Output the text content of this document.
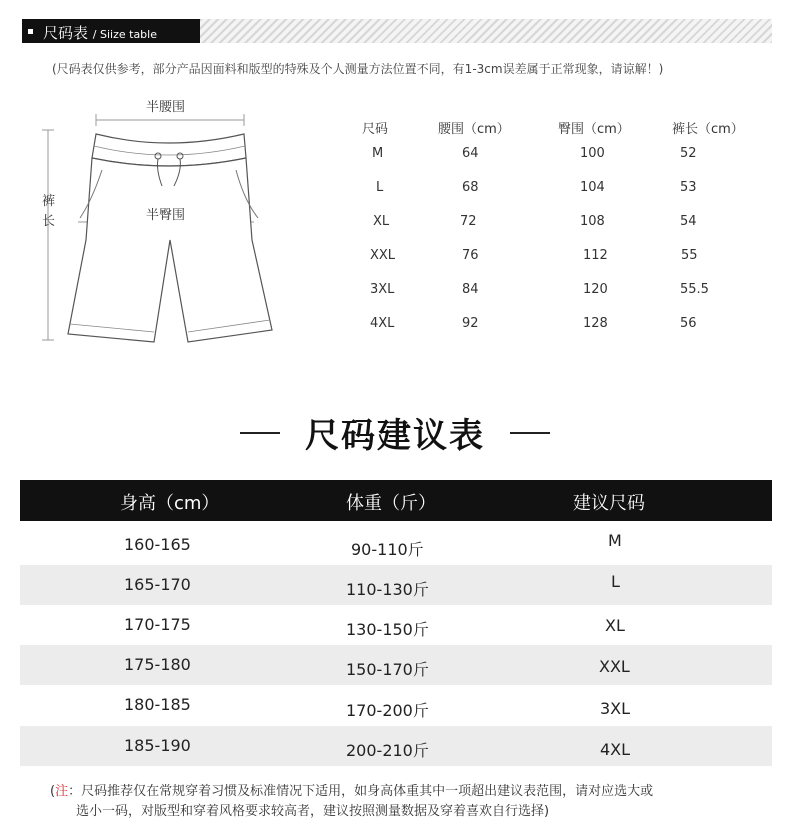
尺码表 / Siize table
(尺码表仅供参考，部分产品因面料和版型的特殊及个人测量方法位置不同，有1-3cm误差属于正常现象，请谅解！)
半腰围
半臀围
裤
长
尺码	腰围（cm）	臀围（cm）	裤长（cm）
M	64	100	52
L	68	104	53
XL	72	108	54
XXL	76	112	55
3XL	84	120	55.5
4XL	92	128	56
尺码建议表
身高（cm）	体重（斤）	建议尺码
160-165	90-110斤	M
165-170	110-130斤	L
170-175	130-150斤	XL
175-180	150-170斤	XXL
180-185	170-200斤	3XL
185-190	200-210斤	4XL
(注：尺码推荐仅在常规穿着习惯及标准情况下适用，如身高体重其中一项超出建议表范围，请对应选大或
选小一码，对版型和穿着风格要求较高者，建议按照测量数据及穿着喜欢自行选择)
